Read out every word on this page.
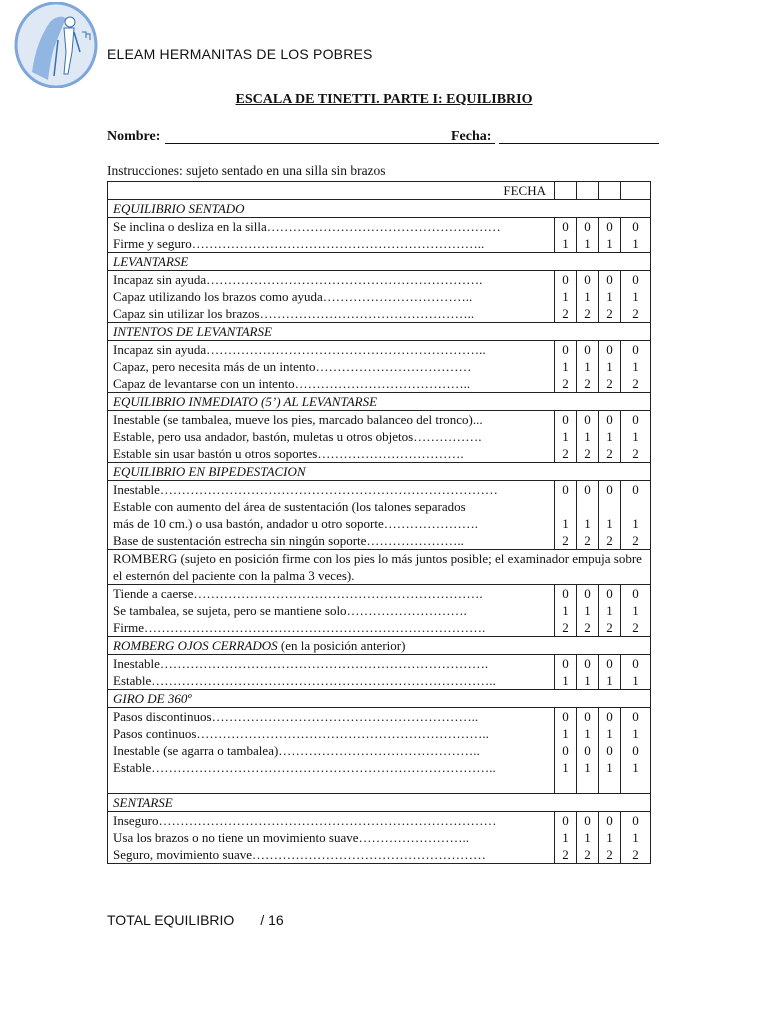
ELEAM HERMANITAS DE LOS POBRES
ESCALA DE TINETTI. PARTE I: EQUILIBRIO
Nombre:	Fecha:
Instrucciones: sujeto sentado en una silla sin brazos
FECHA				
EQUILIBRIO SENTADO				
Se inclina o desliza en la silla………………………………………………	0	0	0	0
Firme y seguro…………………………………………………………..	1	1	1	1
LEVANTARSE				
Incapaz sin ayuda……………………………………………………….	0	0	0	0
Capaz utilizando los brazos como ayuda……………………………..	1	1	1	1
Capaz sin utilizar los brazos…………………………………………..	2	2	2	2
INTENTOS DE LEVANTARSE				
Incapaz sin ayuda………………………………………………………..	0	0	0	0
Capaz, pero necesita más de un intento………………………………	1	1	1	1
Capaz de levantarse con un intento…………………………………..	2	2	2	2
EQUILIBRIO INMEDIATO (5’) AL LEVANTARSE				
Inestable (se tambalea, mueve los pies, marcado balanceo del tronco)...	0	0	0	0
Estable, pero usa andador, bastón, muletas u otros objetos…………….	1	1	1	1
Estable sin usar bastón u otros soportes…………………………….	2	2	2	2
EQUILIBRIO EN BIPEDESTACION				
Inestable……………………………………………………………………	0	0	0	0
Estable con aumento del área de sustentación (los talones separados				
más de 10 cm.) o usa bastón, andador u otro soporte………………….	1	1	1	1
Base de sustentación estrecha sin ningún soporte…………………..	2	2	2	2
ROMBERG (sujeto en posición firme con los pies lo más juntos posible; el examinador empuja sobre el esternón del paciente con la palma 3 veces).				
Tiende a caerse………………………………………………………….	0	0	0	0
Se tambalea, se sujeta, pero se mantiene solo……………………….	1	1	1	1
Firme…………………………………………………………………….	2	2	2	2
ROMBERG OJOS CERRADOS (en la posición anterior)				
Inestable………………………………………………………………….	0	0	0	0
Estable……………………………………………………………………..	1	1	1	1
GIRO DE 360º				
Pasos discontinuos……………………………………………………..	0	0	0	0
Pasos continuos…………………………………………………………..	1	1	1	1
Inestable (se agarra o tambalea)………………………………………..	0	0	0	0
Estable……………………………………………………………………..	1	1	1	1

SENTARSE				
Inseguro……………………………………………………………………	0	0	0	0
Usa los brazos o no tiene un movimiento suave……………………..	1	1	1	1
Seguro, movimiento suave………………………………………………	2	2	2	2
TOTAL EQUILIBRIO / 16
